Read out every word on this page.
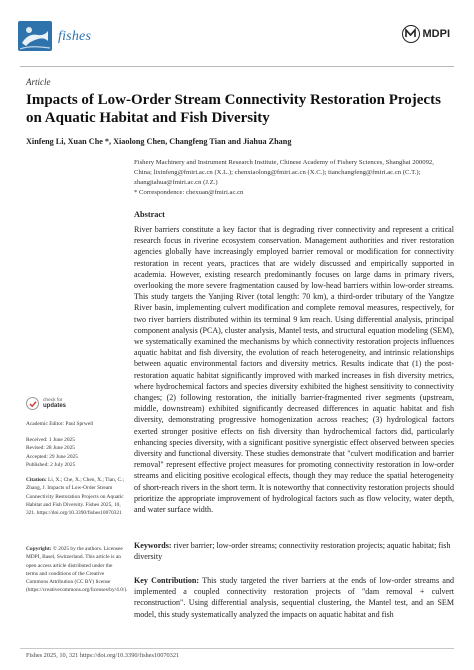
fishes	MDPI
Article
Impacts of Low-Order Stream Connectivity Restoration Projects on Aquatic Habitat and Fish Diversity
Xinfeng Li, Xuan Che *, Xiaolong Chen, Changfeng Tian and Jiahua Zhang
Fishery Machinery and Instrument Research Institute, Chinese Academy of Fishery Sciences, Shanghai 200092,
China; lixinfeng@fmiri.ac.cn (X.L.); chenxiaolong@fmiri.ac.cn (X.C.); tianchangfeng@fmiri.ac.cn (C.T.);
zhangjiahua@fmiri.ac.cn (J.Z.)
* Correspondence: chexuan@fmiri.ac.cn
Abstract
River barriers constitute a key factor that is degrading river connectivity and represent a critical research focus in riverine ecosystem conservation. Management authorities and river restoration agencies globally have increasingly employed barrier removal or modification for connectivity restoration in recent years, practices that are widely discussed and empirically supported in academia. However, existing research predominantly focuses on large dams in primary rivers, overlooking the more severe fragmentation caused by low-head barriers within low-order streams. This study targets the Yanjing River (total length: 70 km), a third-order tributary of the Yangtze River basin, implementing culvert modification and complete removal measures, respectively, for two river barriers distributed within its terminal 9 km reach. Using differential analysis, principal component analysis (PCA), cluster analysis, Mantel tests, and structural equation modeling (SEM), we systematically examined the mechanisms by which connectivity restoration projects influences aquatic habitat and fish diversity, the evolution of reach heterogeneity, and intrinsic relationships between aquatic environmental factors and diversity metrics. Results indicate that (1) the post-restoration aquatic habitat significantly improved with marked increases in fish diversity metrics, where hydrochemical factors and species diversity exhibited the highest sensitivity to connectivity changes; (2) following restoration, the initially barrier-fragmented river segments (upstream, middle, downstream) exhibited significantly decreased differences in aquatic habitat and fish diversity, demonstrating progressive homogenization across reaches; (3) hydrological factors exerted stronger positive effects on fish diversity than hydrochemical factors did, particularly enhancing species diversity, with a significant positive synergistic effect observed between species diversity and functional diversity. These studies demonstrate that "culvert modification and barrier removal" represent effective project measures for promoting connectivity restoration in low-order streams and eliciting positive ecological effects, though they may reduce the spatial heterogeneity of short-reach rivers in the short term. It is noteworthy that connectivity restoration projects should prioritize the appropriate improvement of hydrological factors such as flow velocity, water depth, and water surface width.
Keywords: river barrier; low-order streams; connectivity restoration projects; aquatic habitat; fish diversity
Key Contribution: This study targeted the river barriers at the ends of low-order streams and implemented a coupled connectivity restoration projects of "dam removal + culvert reconstruction". Using differential analysis, sequential clustering, the Mantel test, and an SEM model, this study systematically analyzed the impacts on aquatic habitat and fish
check for
updates
Academic Editor: Paul Sprwell
Received: 1 June 2025
Revised: 28 June 2025
Accepted: 29 June 2025
Published: 2 July 2025
Citation: Li, X.; Che, X.; Chen, X.; Tian, C.; Zhang, J. Impacts of Low-Order Stream Connectivity Restoration Projects on Aquatic Habitat and Fish Diversity. Fishes 2025, 10, 321. https://doi.org/10.3390/fishes10070321
Copyright: © 2025 by the authors. Licensee MDPI, Basel, Switzerland. This article is an open access article distributed under the terms and conditions of the Creative Commons Attribution (CC BY) license (https://creativecommons.org/licenses/by/4.0/).
Fishes 2025, 10, 321 https://doi.org/10.3390/fishes10070321
